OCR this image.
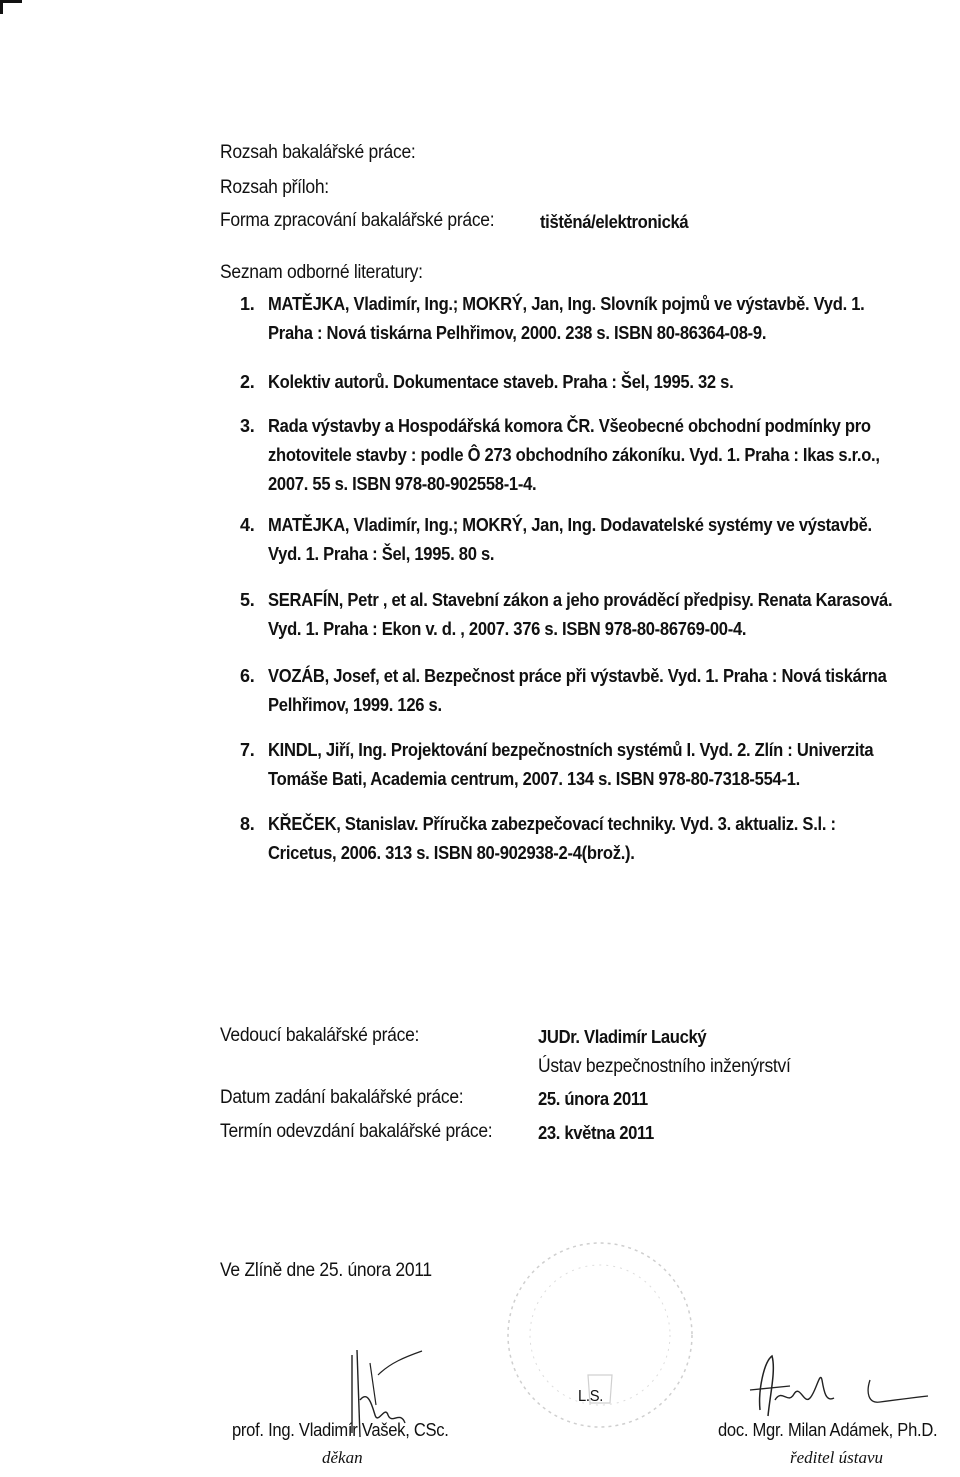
Rozsah bakalářské práce:
Rozsah příloh:
Forma zpracování bakalářské práce: tištěná/elektronická
Seznam odborné literatury:
1. MATĚJKA, Vladimír, Ing.; MOKRÝ, Jan, Ing. Slovník pojmů ve výstavbě. Vyd. 1. Praha : Nová tiskárna Pelhřimov, 2000. 238 s. ISBN 80-86364-08-9.
2. Kolektiv autorů. Dokumentace staveb. Praha : Šel, 1995. 32 s.
3. Rada výstavby a Hospodářská komora ČR. Všeobecné obchodní podmínky pro zhotovitele stavby : podle Ô 273 obchodního zákoníku. Vyd. 1. Praha : Ikas s.r.o., 2007. 55 s. ISBN 978-80-902558-1-4.
4. MATĚJKA, Vladimír, Ing.; MOKRÝ, Jan, Ing. Dodavatelské systémy ve výstavbě. Vyd. 1. Praha : Šel, 1995. 80 s.
5. SERAFÍN, Petr , et al. Stavební zákon a jeho prováděcí předpisy. Renata Karasová. Vyd. 1. Praha : Ekon v. d. , 2007. 376 s. ISBN 978-80-86769-00-4.
6. VOZÁB, Josef, et al. Bezpečnost práce při výstavbě. Vyd. 1. Praha : Nová tiskárna Pelhřimov, 1999. 126 s.
7. KINDL, Jiří, Ing. Projektování bezpečnostních systémů I. Vyd. 2. Zlín : Univerzita Tomáše Bati, Academia centrum, 2007. 134 s. ISBN 978-80-7318-554-1.
8. KŘEČEK, Stanislav. Příručka zabezpečovací techniky. Vyd. 3. aktualiz. S.l. : Cricetus, 2006. 313 s. ISBN 80-902938-2-4(brož.).
Vedoucí bakalářské práce:	JUDr. Vladimír Laucký
Ústav bezpečnostního inženýrství
Datum zadání bakalářské práce:	25. února 2011
Termín odevzdání bakalářské práce: 23. května 2011
Ve Zlíně dne 25. února 2011
L.S.
prof. Ing. Vladimír Vašek, CSc.
děkan
doc. Mgr. Milan Adámek, Ph.D.
ředitel ústavu
